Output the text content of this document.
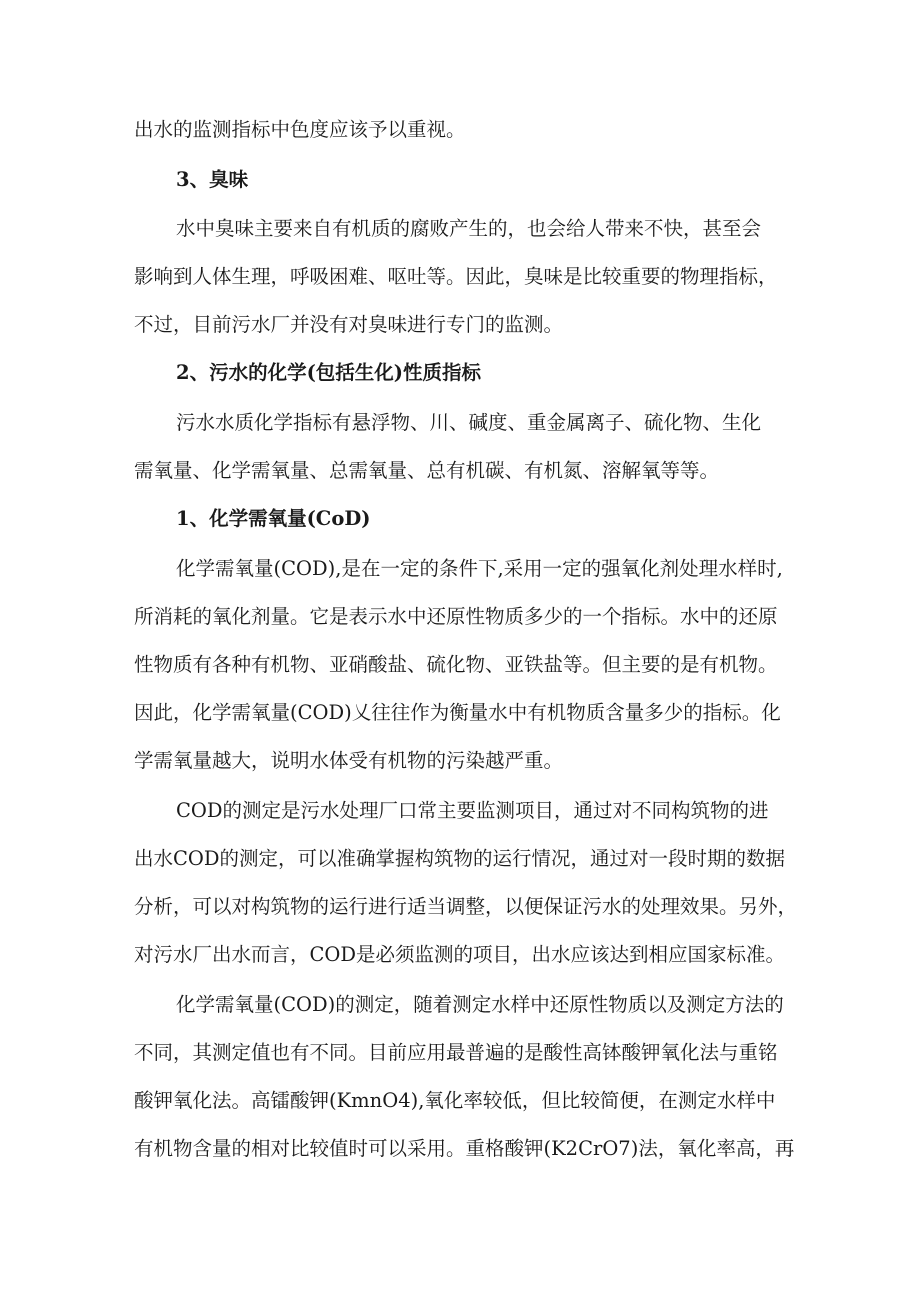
出水的监测指标中色度应该予以重视。
3、臭味
水中臭味主要来自有机质的腐败产生的，也会给人带来不快，甚至会
影响到人体生理，呼吸困难、呕吐等。因此，臭味是比较重要的物理指标，
不过，目前污水厂并没有对臭味进行专门的监测。
2、污水的化学(包括生化)性质指标
污水水质化学指标有悬浮物、川、碱度、重金属离子、硫化物、生化
需氧量、化学需氧量、总需氧量、总有机碳、有机氮、溶解氧等等。
1、化学需氧量(CoD)
化学需氧量(COD),是在一定的条件下,采用一定的强氧化剂处理水样时,
所消耗的氧化剂量。它是表示水中还原性物质多少的一个指标。水中的还原
性物质有各种有机物、亚硝酸盐、硫化物、亚铁盐等。但主要的是有机物。
因此，化学需氧量(COD)乂往往作为衡量水中有机物质含量多少的指标。化
学需氧量越大，说明水体受有机物的污染越严重。
COD的测定是污水处理厂口常主要监测项目，通过对不同构筑物的进
出水COD的测定，可以准确掌握构筑物的运行情况，通过对一段时期的数据
分析，可以对构筑物的运行进行适当调整，以便保证污水的处理效果。另外，
对污水厂出水而言，COD是必须监测的项目，出水应该达到相应国家标准。
化学需氧量(COD)的测定，随着测定水样中还原性物质以及测定方法的
不同，其测定值也有不同。目前应用最普遍的是酸性高钵酸钾氧化法与重铭
酸钾氧化法。高镭酸钾(KmnO4),氧化率较低，但比较简便，在测定水样中
有机物含量的相对比较值时可以采用。重格酸钾(K2CrO7)法，氧化率高，再
